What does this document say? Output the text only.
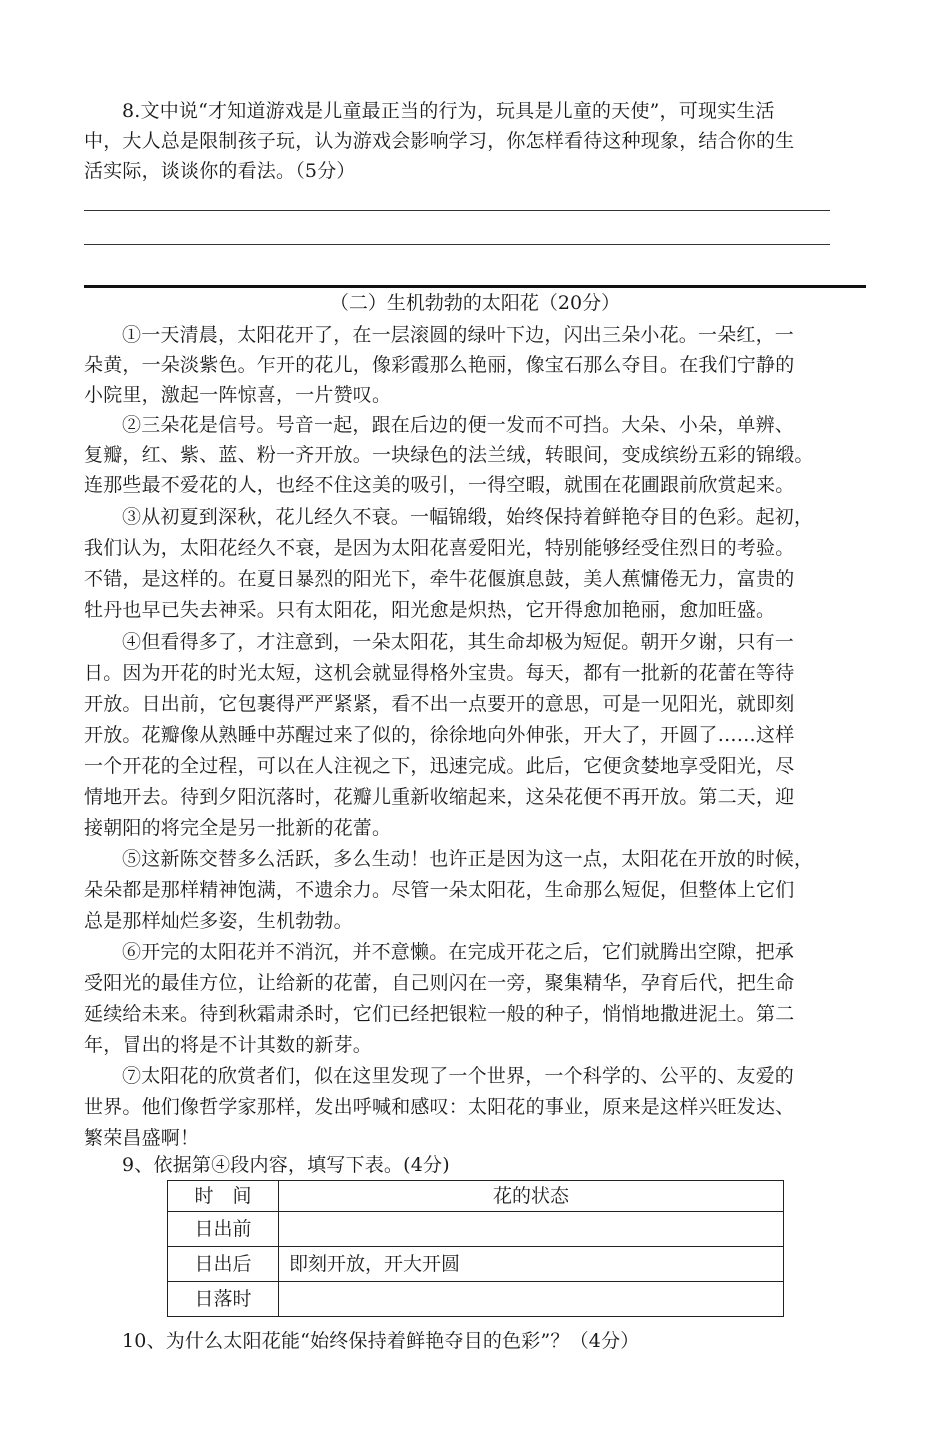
8.文中说“才知道游戏是儿童最正当的行为，玩具是儿童的天使”，可现实生活
中，大人总是限制孩子玩，认为游戏会影响学习，你怎样看待这种现象，结合你的生
活实际，谈谈你的看法。（5分）
（二）生机勃勃的太阳花（20分）
①一天清晨，太阳花开了，在一层滚圆的绿叶下边，闪出三朵小花。一朵红，一
朵黄，一朵淡紫色。乍开的花儿，像彩霞那么艳丽，像宝石那么夺目。在我们宁静的
小院里，激起一阵惊喜，一片赞叹。
②三朵花是信号。号音一起，跟在后边的便一发而不可挡。大朵、小朵，单辨、
复瓣，红、紫、蓝、粉一齐开放。一块绿色的法兰绒，转眼间，变成缤纷五彩的锦缎。
连那些最不爱花的人，也经不住这美的吸引，一得空暇，就围在花圃跟前欣赏起来。
③从初夏到深秋，花儿经久不衰。一幅锦缎，始终保持着鲜艳夺目的色彩。起初，
我们认为，太阳花经久不衰，是因为太阳花喜爱阳光，特别能够经受住烈日的考验。
不错，是这样的。在夏日暴烈的阳光下，牵牛花偃旗息鼓，美人蕉慵倦无力，富贵的
牡丹也早已失去神采。只有太阳花，阳光愈是炽热，它开得愈加艳丽，愈加旺盛。
④但看得多了，才注意到，一朵太阳花，其生命却极为短促。朝开夕谢，只有一
日。因为开花的时光太短，这机会就显得格外宝贵。每天，都有一批新的花蕾在等待
开放。日出前，它包裹得严严紧紧，看不出一点要开的意思，可是一见阳光，就即刻
开放。花瓣像从熟睡中苏醒过来了似的，徐徐地向外伸张，开大了，开圆了……这样
一个开花的全过程，可以在人注视之下，迅速完成。此后，它便贪婪地享受阳光，尽
情地开去。待到夕阳沉落时，花瓣儿重新收缩起来，这朵花便不再开放。第二天，迎
接朝阳的将完全是另一批新的花蕾。
⑤这新陈交替多么活跃，多么生动！也许正是因为这一点，太阳花在开放的时候，
朵朵都是那样精神饱满，不遗余力。尽管一朵太阳花，生命那么短促，但整体上它们
总是那样灿烂多姿，生机勃勃。
⑥开完的太阳花并不消沉，并不意懒。在完成开花之后，它们就腾出空隙，把承
受阳光的最佳方位，让给新的花蕾，自己则闪在一旁，聚集精华，孕育后代，把生命
延续给未来。待到秋霜肃杀时，它们已经把银粒一般的种子，悄悄地撒进泥土。第二
年，冒出的将是不计其数的新芽。
⑦太阳花的欣赏者们，似在这里发现了一个世界，一个科学的、公平的、友爱的
世界。他们像哲学家那样，发出呼喊和感叹：太阳花的事业，原来是这样兴旺发达、
繁荣昌盛啊！
9、依据第④段内容，填写下表。(4分)
时　间	花的状态
日出前	
日出后	即刻开放，开大开圆
日落时	
10、为什么太阳花能“始终保持着鲜艳夺目的色彩”？（4分）
